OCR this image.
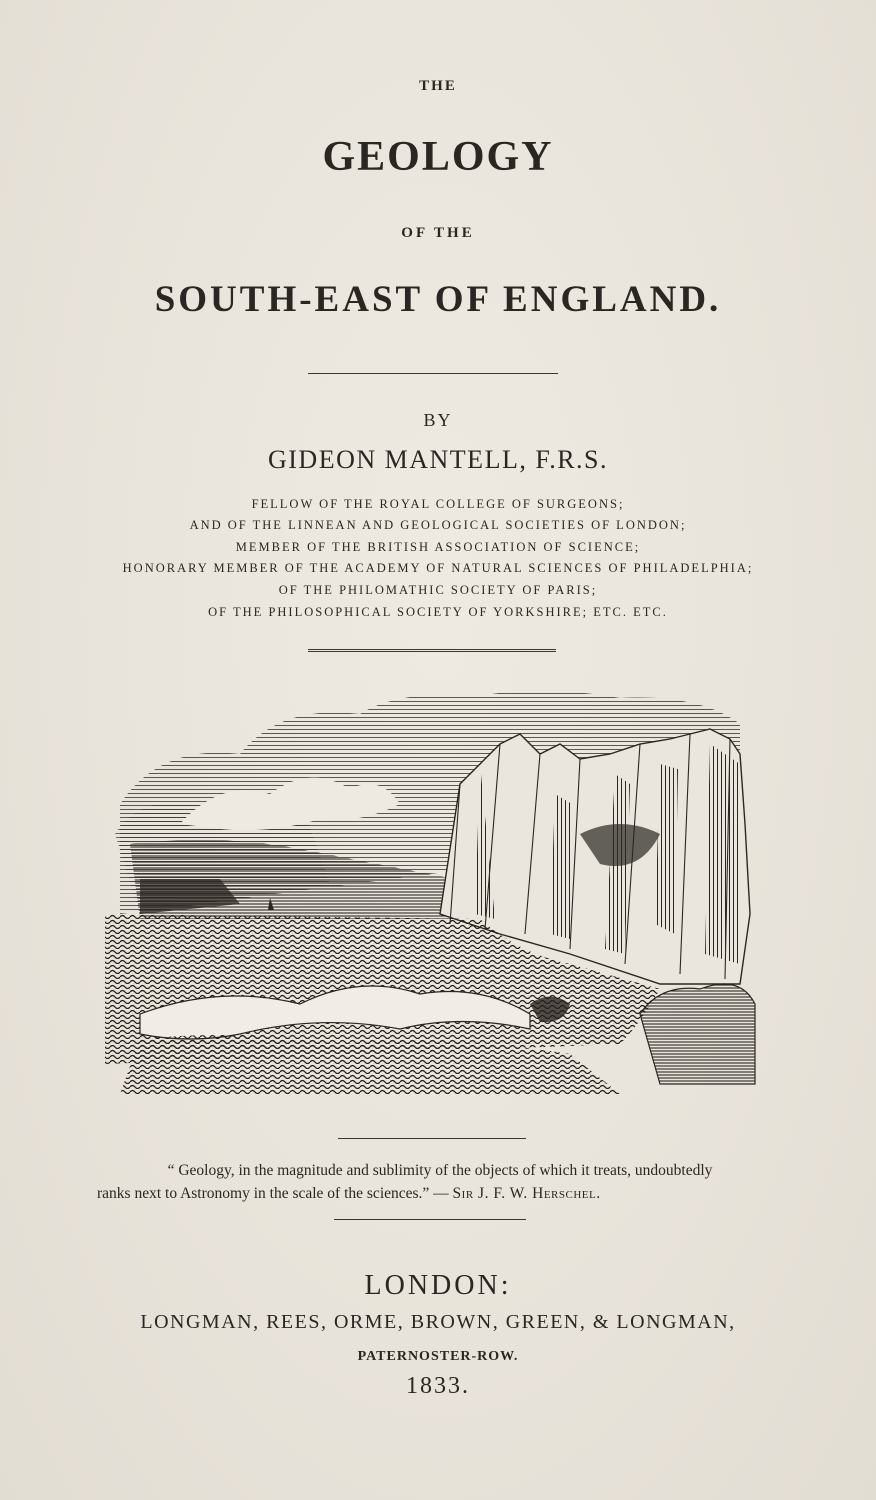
THE
GEOLOGY
OF THE
SOUTH-EAST OF ENGLAND.
BY
GIDEON MANTELL, F.R.S.
FELLOW OF THE ROYAL COLLEGE OF SURGEONS;
AND OF THE LINNEAN AND GEOLOGICAL SOCIETIES OF LONDON;
MEMBER OF THE BRITISH ASSOCIATION OF SCIENCE;
HONORARY MEMBER OF THE ACADEMY OF NATURAL SCIENCES OF PHILADELPHIA;
OF THE PHILOMATHIC SOCIETY OF PARIS;
OF THE PHILOSOPHICAL SOCIETY OF YORKSHIRE; ETC. ETC.
“ Geology, in the magnitude and sublimity of the objects of which it treats, undoubtedly
ranks next to Astronomy in the scale of the sciences.” — Sir J. F. W. Herschel.
LONDON:
LONGMAN, REES, ORME, BROWN, GREEN, & LONGMAN,
PATERNOSTER-ROW.
1833.
